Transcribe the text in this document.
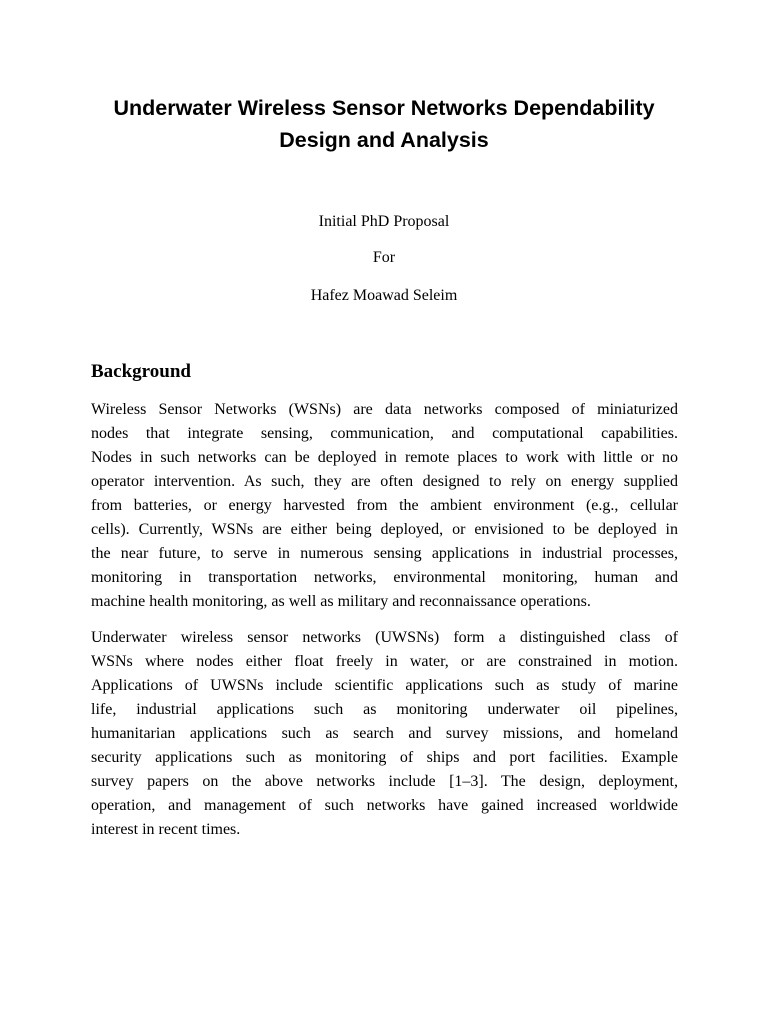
Underwater Wireless Sensor Networks Dependability
Design and Analysis

Initial PhD Proposal

For

Hafez Moawad Seleim

Background
Wireless Sensor Networks (WSNs) are data networks composed of miniaturized
nodes that integrate sensing, communication, and computational capabilities.
Nodes in such networks can be deployed in remote places to work with little or no
operator intervention. As such, they are often designed to rely on energy supplied
from batteries, or energy harvested from the ambient environment (e.g., cellular
cells). Currently, WSNs are either being deployed, or envisioned to be deployed in
the near future, to serve in numerous sensing applications in industrial processes,
monitoring in transportation networks, environmental monitoring, human and
machine health monitoring, as well as military and reconnaissance operations.
Underwater wireless sensor networks (UWSNs) form a distinguished class of
WSNs where nodes either float freely in water, or are constrained in motion.
Applications of UWSNs include scientific applications such as study of marine
life, industrial applications such as monitoring underwater oil pipelines,
humanitarian applications such as search and survey missions, and homeland
security applications such as monitoring of ships and port facilities. Example
survey papers on the above networks include [1–3]. The design, deployment,
operation, and management of such networks have gained increased worldwide
interest in recent times.
